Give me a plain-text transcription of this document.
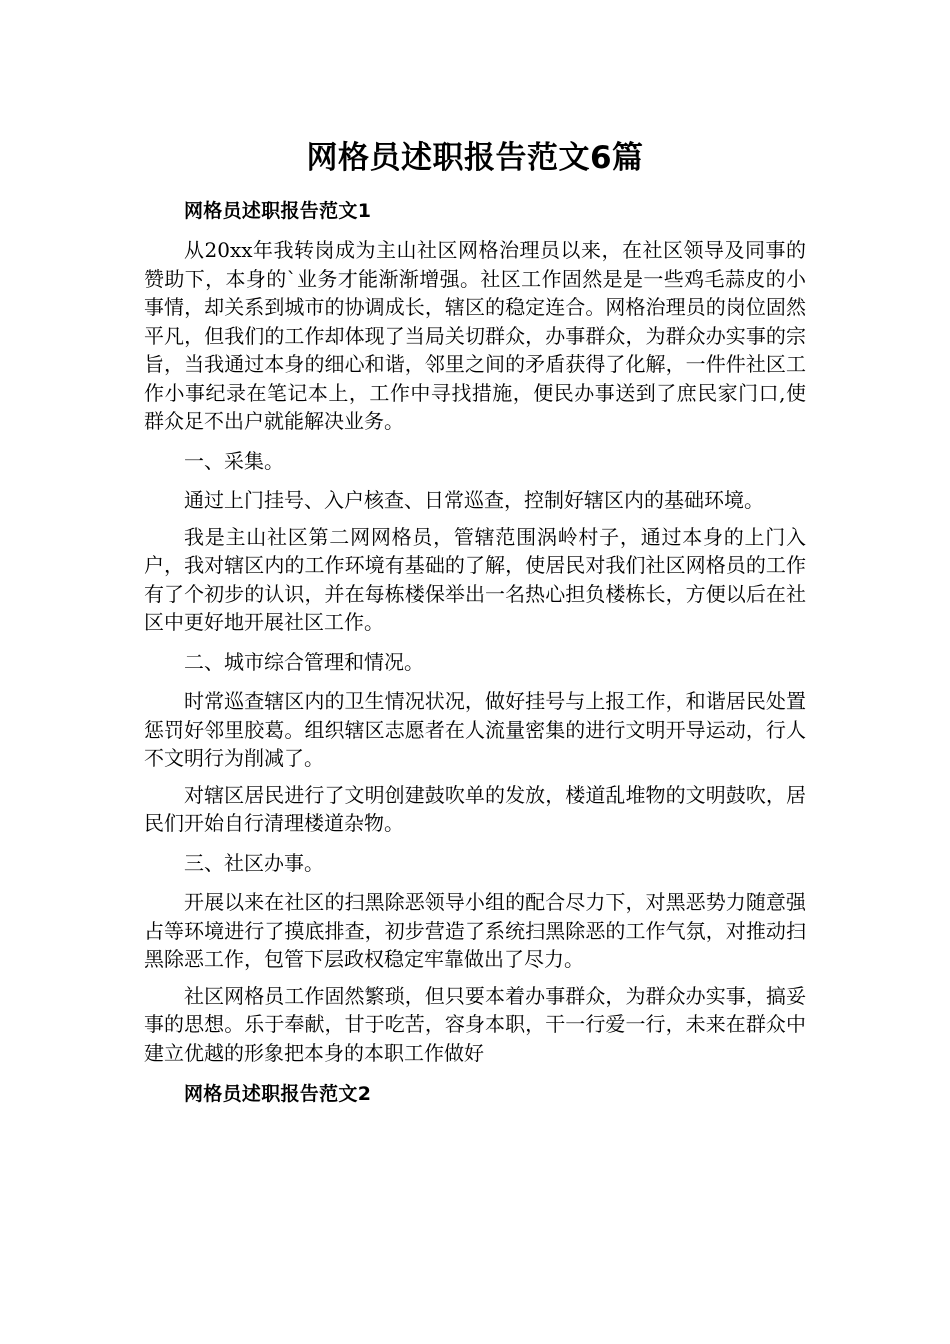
网格员述职报告范文6篇
网格员述职报告范文1

从20xx年我转岗成为主山社区网格治理员以来，在社区领导及同事的赞助下，本身的`业务才能渐渐增强。社区工作固然是是一些鸡毛蒜皮的小事情，却关系到城市的协调成长，辖区的稳定连合。网格治理员的岗位固然平凡，但我们的工作却体现了当局关切群众，办事群众，为群众办实事的宗旨，当我通过本身的细心和谐，邻里之间的矛盾获得了化解，一件件社区工作小事纪录在笔记本上，工作中寻找措施，便民办事送到了庶民家门口,使群众足不出户就能解决业务。

一、采集。

通过上门挂号、入户核查、日常巡查，控制好辖区内的基础环境。

我是主山社区第二网网格员，管辖范围涡岭村子，通过本身的上门入户，我对辖区内的工作环境有基础的了解，使居民对我们社区网格员的工作有了个初步的认识，并在每栋楼保举出一名热心担负楼栋长，方便以后在社区中更好地开展社区工作。

二、城市综合管理和情况。

时常巡查辖区内的卫生情况状况，做好挂号与上报工作，和谐居民处置惩罚好邻里胶葛。组织辖区志愿者在人流量密集的进行文明开导运动，行人不文明行为削减了。

对辖区居民进行了文明创建鼓吹单的发放，楼道乱堆物的文明鼓吹，居民们开始自行清理楼道杂物。

三、社区办事。

开展以来在社区的扫黑除恶领导小组的配合尽力下，对黑恶势力随意强占等环境进行了摸底排查，初步营造了系统扫黑除恶的工作气氛，对推动扫黑除恶工作，包管下层政权稳定牢靠做出了尽力。

社区网格员工作固然繁琐，但只要本着办事群众，为群众办实事，搞妥事的思想。乐于奉献，甘于吃苦，容身本职，干一行爱一行，未来在群众中建立优越的形象把本身的本职工作做好

网格员述职报告范文2
